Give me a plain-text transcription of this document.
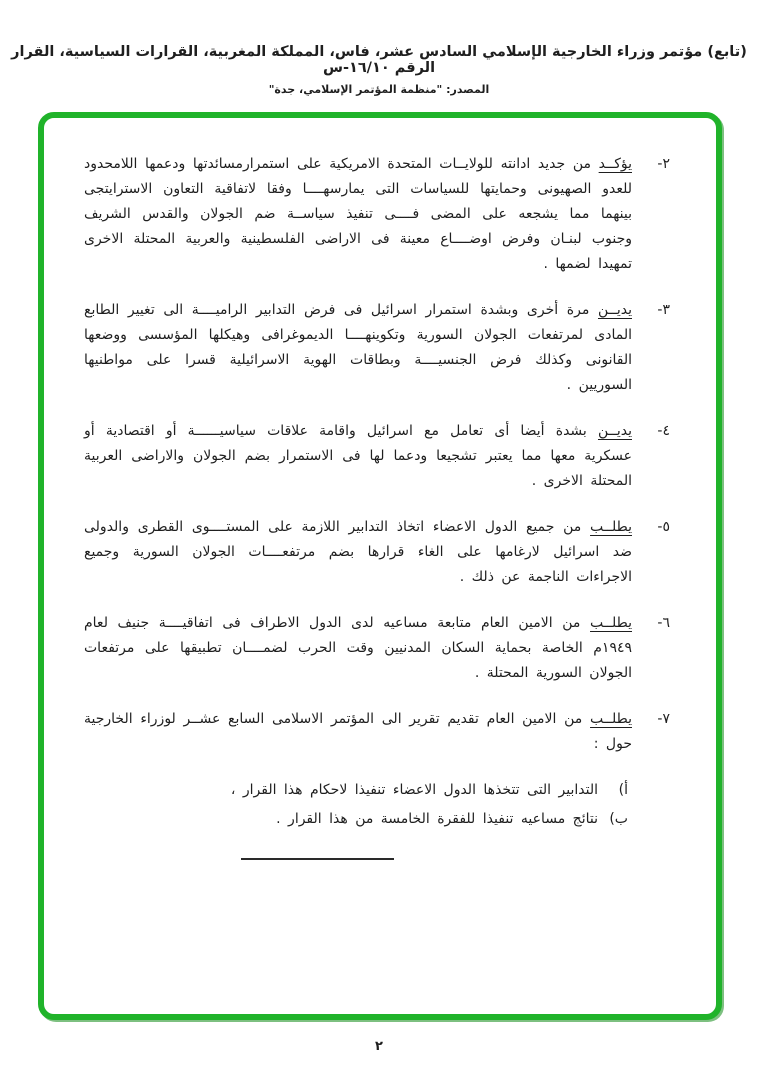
(تابع) مؤتمر وزراء الخارجية الإسلامي السادس عشر، فاس، المملكة المغربية، القرارات السياسية، القرار الرقم ١٦/١٠-س
المصدر: "منظمة المؤتمر الإسلامي، جدة"
٢-
يؤكــد من جديد ادانته للولايــات المتحدة الامريكية على استمرارمسائدتها ودعمها اللامحدود للعدو الصهيونى وحمايتها للسياسات التى يمارسهــــا وفقا لاتفاقية التعاون الاسترايتجى بينهما مما يشجعه على المضى فــــى تنفيذ سياســة ضم الجولان والقدس الشريف وجنوب لبنـان وفرض اوضــــاع معينة فى الاراضى الفلسطينية والعربية المحتلة الاخرى تمهيدا لضمها .
٣-
يديــن مرة أخرى وبشدة استمرار اسرائيل فى فرض التدابير الراميــــة الى تغيير الطابع المادى لمرتفعات الجولان السورية وتكوينهــــا الديموغرافى وهيكلها المؤسسى ووضعها القانونى وكذلك فرض الجنسيــــة وبطاقات الهوية الاسرائيلية قسرا على مواطنيها السوريين .
٤-
يديــن بشدة أيضا أى تعامل مع اسرائيل واقامة علاقات سياسيــــــة أو اقتصادية أو عسكرية معها مما يعتبر تشجيعا ودعما لها فى الاستمرار بضم الجولان والاراضى العربية المحتلة الاخرى .
٥-
يطلــب من جميع الدول الاعضاء اتخاذ التدابير اللازمة على المستــــوى القطرى والدولى ضد اسرائيل لارغامها على الغاء قرارها بضم مرتفعــــات الجولان السورية وجميع الاجراءات الناجمة عن ذلك .
٦-
يطلــب من الامين العام متابعة مساعيه لدى الدول الاطراف فى اتفاقيــــة جنيف لعام ١٩٤٩م الخاصة بحماية السكان المدنيين وقت الحرب لضمــــان تطبيقها على مرتفعات الجولان السورية المحتلة .
٧-
يطلــب من الامين العام تقديم تقرير الى المؤتمر الاسلامى السابع عشــر لوزراء الخارجية حول :
أ)
التدابير التى تتخذها الدول الاعضاء تنفيذا لاحكام هذا القرار ،
ب)
نتائج مساعيه تنفيذا للفقرة الخامسة من هذا القرار .
٢
